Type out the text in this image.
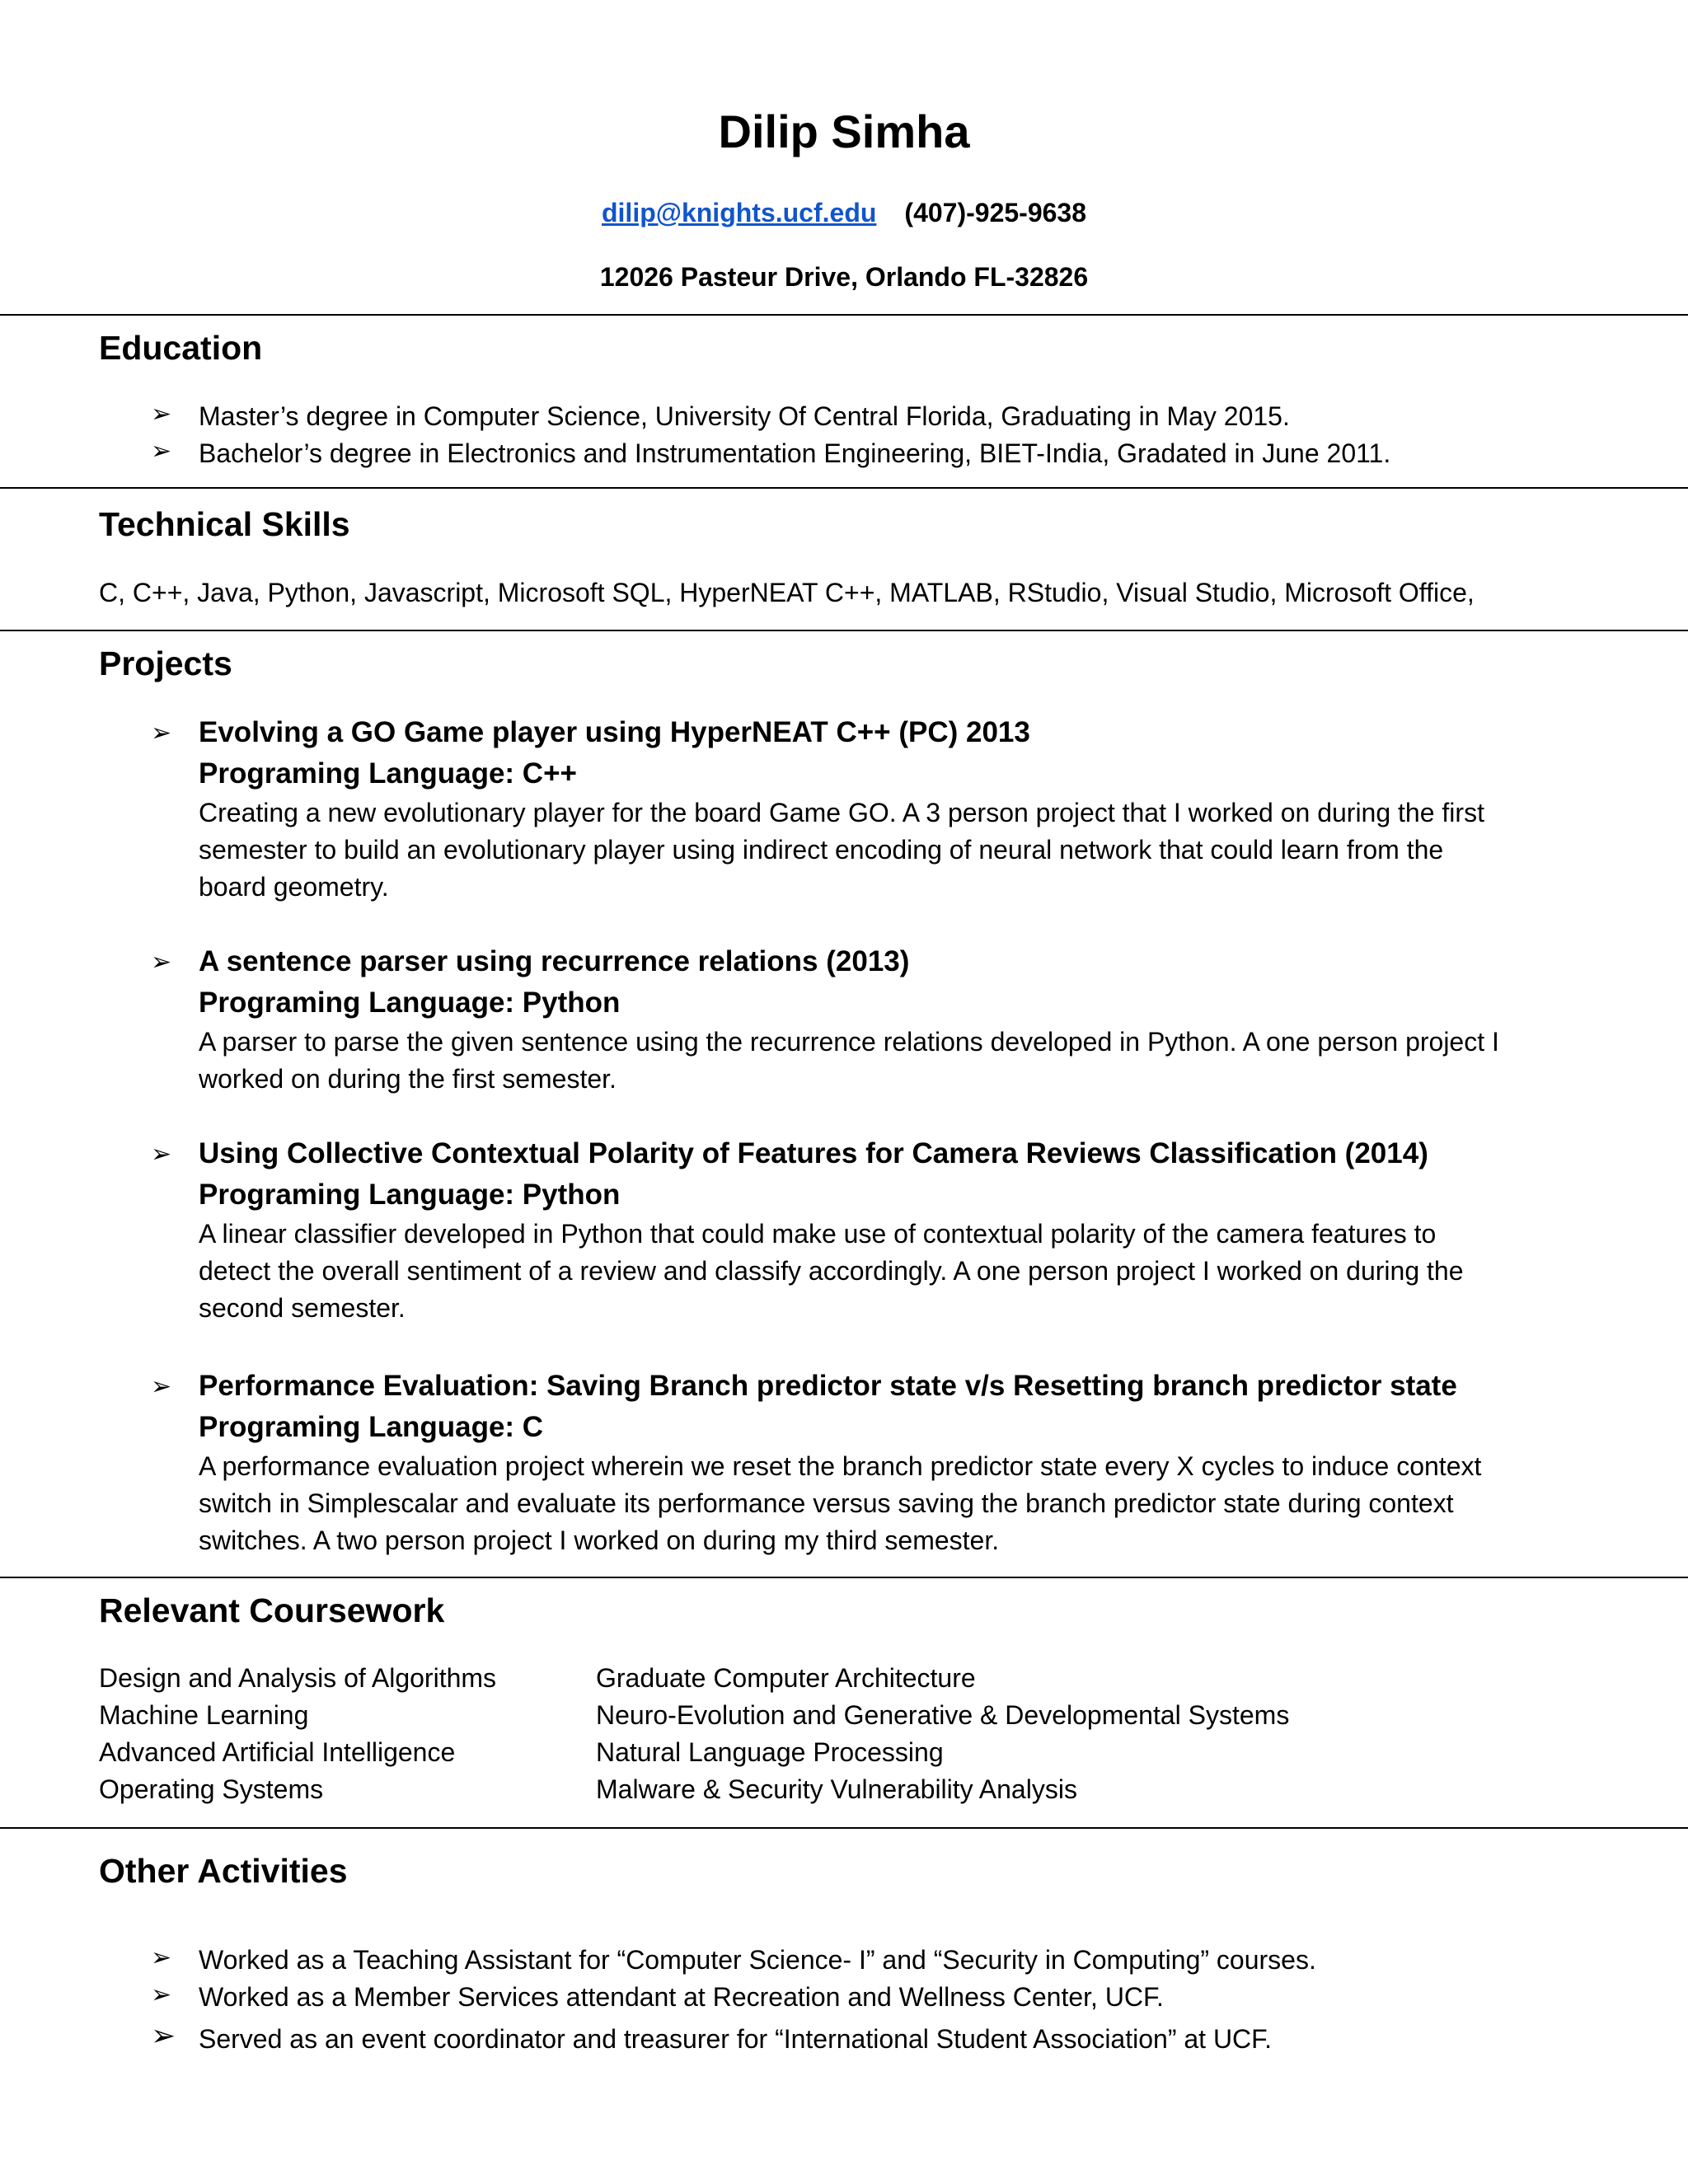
Dilip Simha
dilip@knights.ucf.edu (407)-925-9638
12026 Pasteur Drive, Orlando FL-32826
Education
➢ Master’s degree in Computer Science, University Of Central Florida, Graduating in May 2015.
➢ Bachelor’s degree in Electronics and Instrumentation Engineering, BIET-India, Gradated in June 2011.
Technical Skills
C, C++, Java, Python, Javascript, Microsoft SQL, HyperNEAT C++, MATLAB, RStudio, Visual Studio, Microsoft Office,
Projects
➢ Evolving a GO Game player using HyperNEAT C++ (PC) 2013
Programing Language: C++
Creating a new evolutionary player for the board Game GO. A 3 person project that I worked on during the first
semester to build an evolutionary player using indirect encoding of neural network that could learn from the
board geometry.
➢ A sentence parser using recurrence relations (2013)
Programing Language: Python
A parser to parse the given sentence using the recurrence relations developed in Python. A one person project I
worked on during the first semester.
➢ Using Collective Contextual Polarity of Features for Camera Reviews Classification (2014)
Programing Language: Python
A linear classifier developed in Python that could make use of contextual polarity of the camera features to
detect the overall sentiment of a review and classify accordingly. A one person project I worked on during the
second semester.
➢ Performance Evaluation: Saving Branch predictor state v/s Resetting branch predictor state
Programing Language: C
A performance evaluation project wherein we reset the branch predictor state every X cycles to induce context
switch in Simplescalar and evaluate its performance versus saving the branch predictor state during context
switches. A two person project I worked on during my third semester.
Relevant Coursework
Design and Analysis of Algorithms
Machine Learning
Advanced Artificial Intelligence
Operating Systems
Graduate Computer Architecture
Neuro-Evolution and Generative & Developmental Systems
Natural Language Processing
Malware & Security Vulnerability Analysis
Other Activities
➢ Worked as a Teaching Assistant for “Computer Science- I” and “Security in Computing” courses.
➢ Worked as a Member Services attendant at Recreation and Wellness Center, UCF.
➢ Served as an event coordinator and treasurer for “International Student Association” at UCF.
